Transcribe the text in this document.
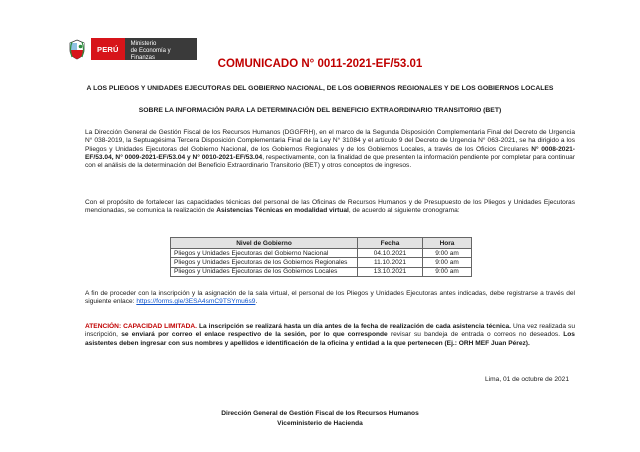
PERÚ
Ministerio
de Economía y Finanzas	COMUNICADO N° 0011-2021-EF/53.01
A LOS PLIEGOS Y UNIDADES EJECUTORAS DEL GOBIERNO NACIONAL, DE LOS GOBIERNOS REGIONALES Y DE LOS GOBIERNOS LOCALES
SOBRE LA INFORMACIÓN PARA LA DETERMINACIÓN DEL BENEFICIO EXTRAORDINARIO TRANSITORIO (BET)

La Dirección General de Gestión Fiscal de los Recursos Humanos (DGGFRH), en el marco de la Segunda Disposición Complementaria Final del Decreto de Urgencia N° 038-2019, la Septuagésima Tercera Disposición Complementaria Final de la Ley N° 31084 y el artículo 9 del Decreto de Urgencia N° 063-2021, se ha dirigido a los Pliegos y Unidades Ejecutoras del Gobierno Nacional, de los Gobiernos Regionales y de los Gobiernos Locales, a través de los Oficios Circulares N° 0008-2021-EF/53.04, N° 0009-2021-EF/53.04 y N° 0010-2021-EF/53.04, respectivamente, con la finalidad de que presenten la información pendiente por completar para continuar con el análisis de la determinación del Beneficio Extraordinario Transitorio (BET) y otros conceptos de ingresos.

Con el propósito de fortalecer las capacidades técnicas del personal de las Oficinas de Recursos Humanos y de Presupuesto de los Pliegos y Unidades Ejecutoras mencionadas, se comunica la realización de Asistencias Técnicas en modalidad virtual, de acuerdo al siguiente cronograma:

Nivel de Gobierno	Fecha	Hora
Pliegos y Unidades Ejecutoras del Gobierno Nacional	04.10.2021	9:00 am
Pliegos y Unidades Ejecutoras de los Gobiernos Regionales	11.10.2021	9:00 am
Pliegos y Unidades Ejecutoras de los Gobiernos Locales	13.10.2021	9:00 am

A fin de proceder con la inscripción y la asignación de la sala virtual, el personal de los Pliegos y Unidades Ejecutoras antes indicadas, debe registrarse a través del siguiente enlace: https://forms.gle/3ESA4smC9TSYmu6s9.

ATENCIÓN: CAPACIDAD LIMITADA. La inscripción se realizará hasta un día antes de la fecha de realización de cada asistencia técnica. Una vez realizada su inscripción, se enviará por correo el enlace respectivo de la sesión, por lo que corresponde revisar su bandeja de entrada o correos no deseados. Los asistentes deben ingresar con sus nombres y apellidos e identificación de la oficina y entidad a la que pertenecen (Ej.: ORH MEF Juan Pérez).

Lima, 01 de octubre de 2021

Dirección General de Gestión Fiscal de los Recursos Humanos
Viceministerio de Hacienda
